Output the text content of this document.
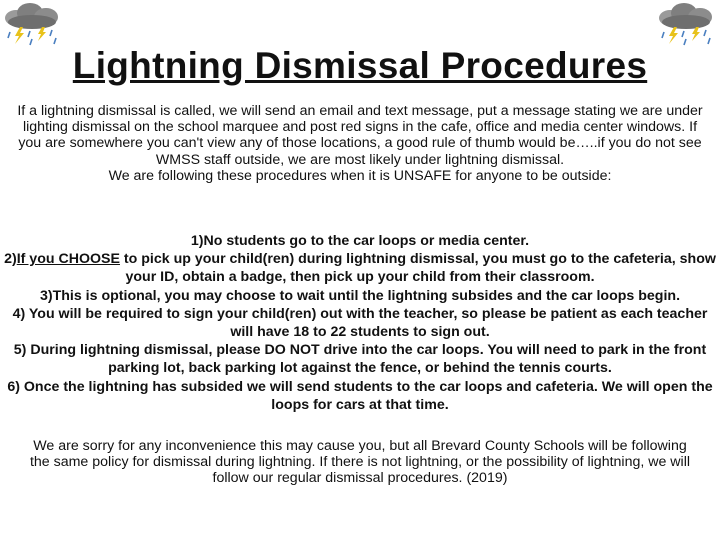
Lightning Dismissal Procedures

If a lightning dismissal is called, we will send an email and text message, put a message stating we are under lighting dismissal on the school marquee and post red signs in the cafe, office and media center windows. If you are somewhere you can't view any of those locations, a good rule of thumb would be…..if you do not see WMSS staff outside, we are most likely under lightning dismissal.

We are following these procedures when it is UNSAFE for anyone to be outside:

1)No students go to the car loops or media center.

2)If you CHOOSE to pick up your child(ren) during lightning dismissal, you must go to the cafeteria, show your ID, obtain a badge, then pick up your child from their classroom.

3)This is optional, you may choose to wait until the lightning subsides and the car loops begin.

4) You will be required to sign your child(ren) out with the teacher, so please be patient as each teacher will have 18 to 22 students to sign out.

5) During lightning dismissal, please DO NOT drive into the car loops. You will need to park in the front parking lot, back parking lot against the fence, or behind the tennis courts.

6) Once the lightning has subsided we will send students to the car loops and cafeteria. We will open the loops for cars at that time.

We are sorry for any inconvenience this may cause you, but all Brevard County Schools will be following the same policy for dismissal during lightning. If there is not lightning, or the possibility of lightning, we will follow our regular dismissal procedures. (2019)
